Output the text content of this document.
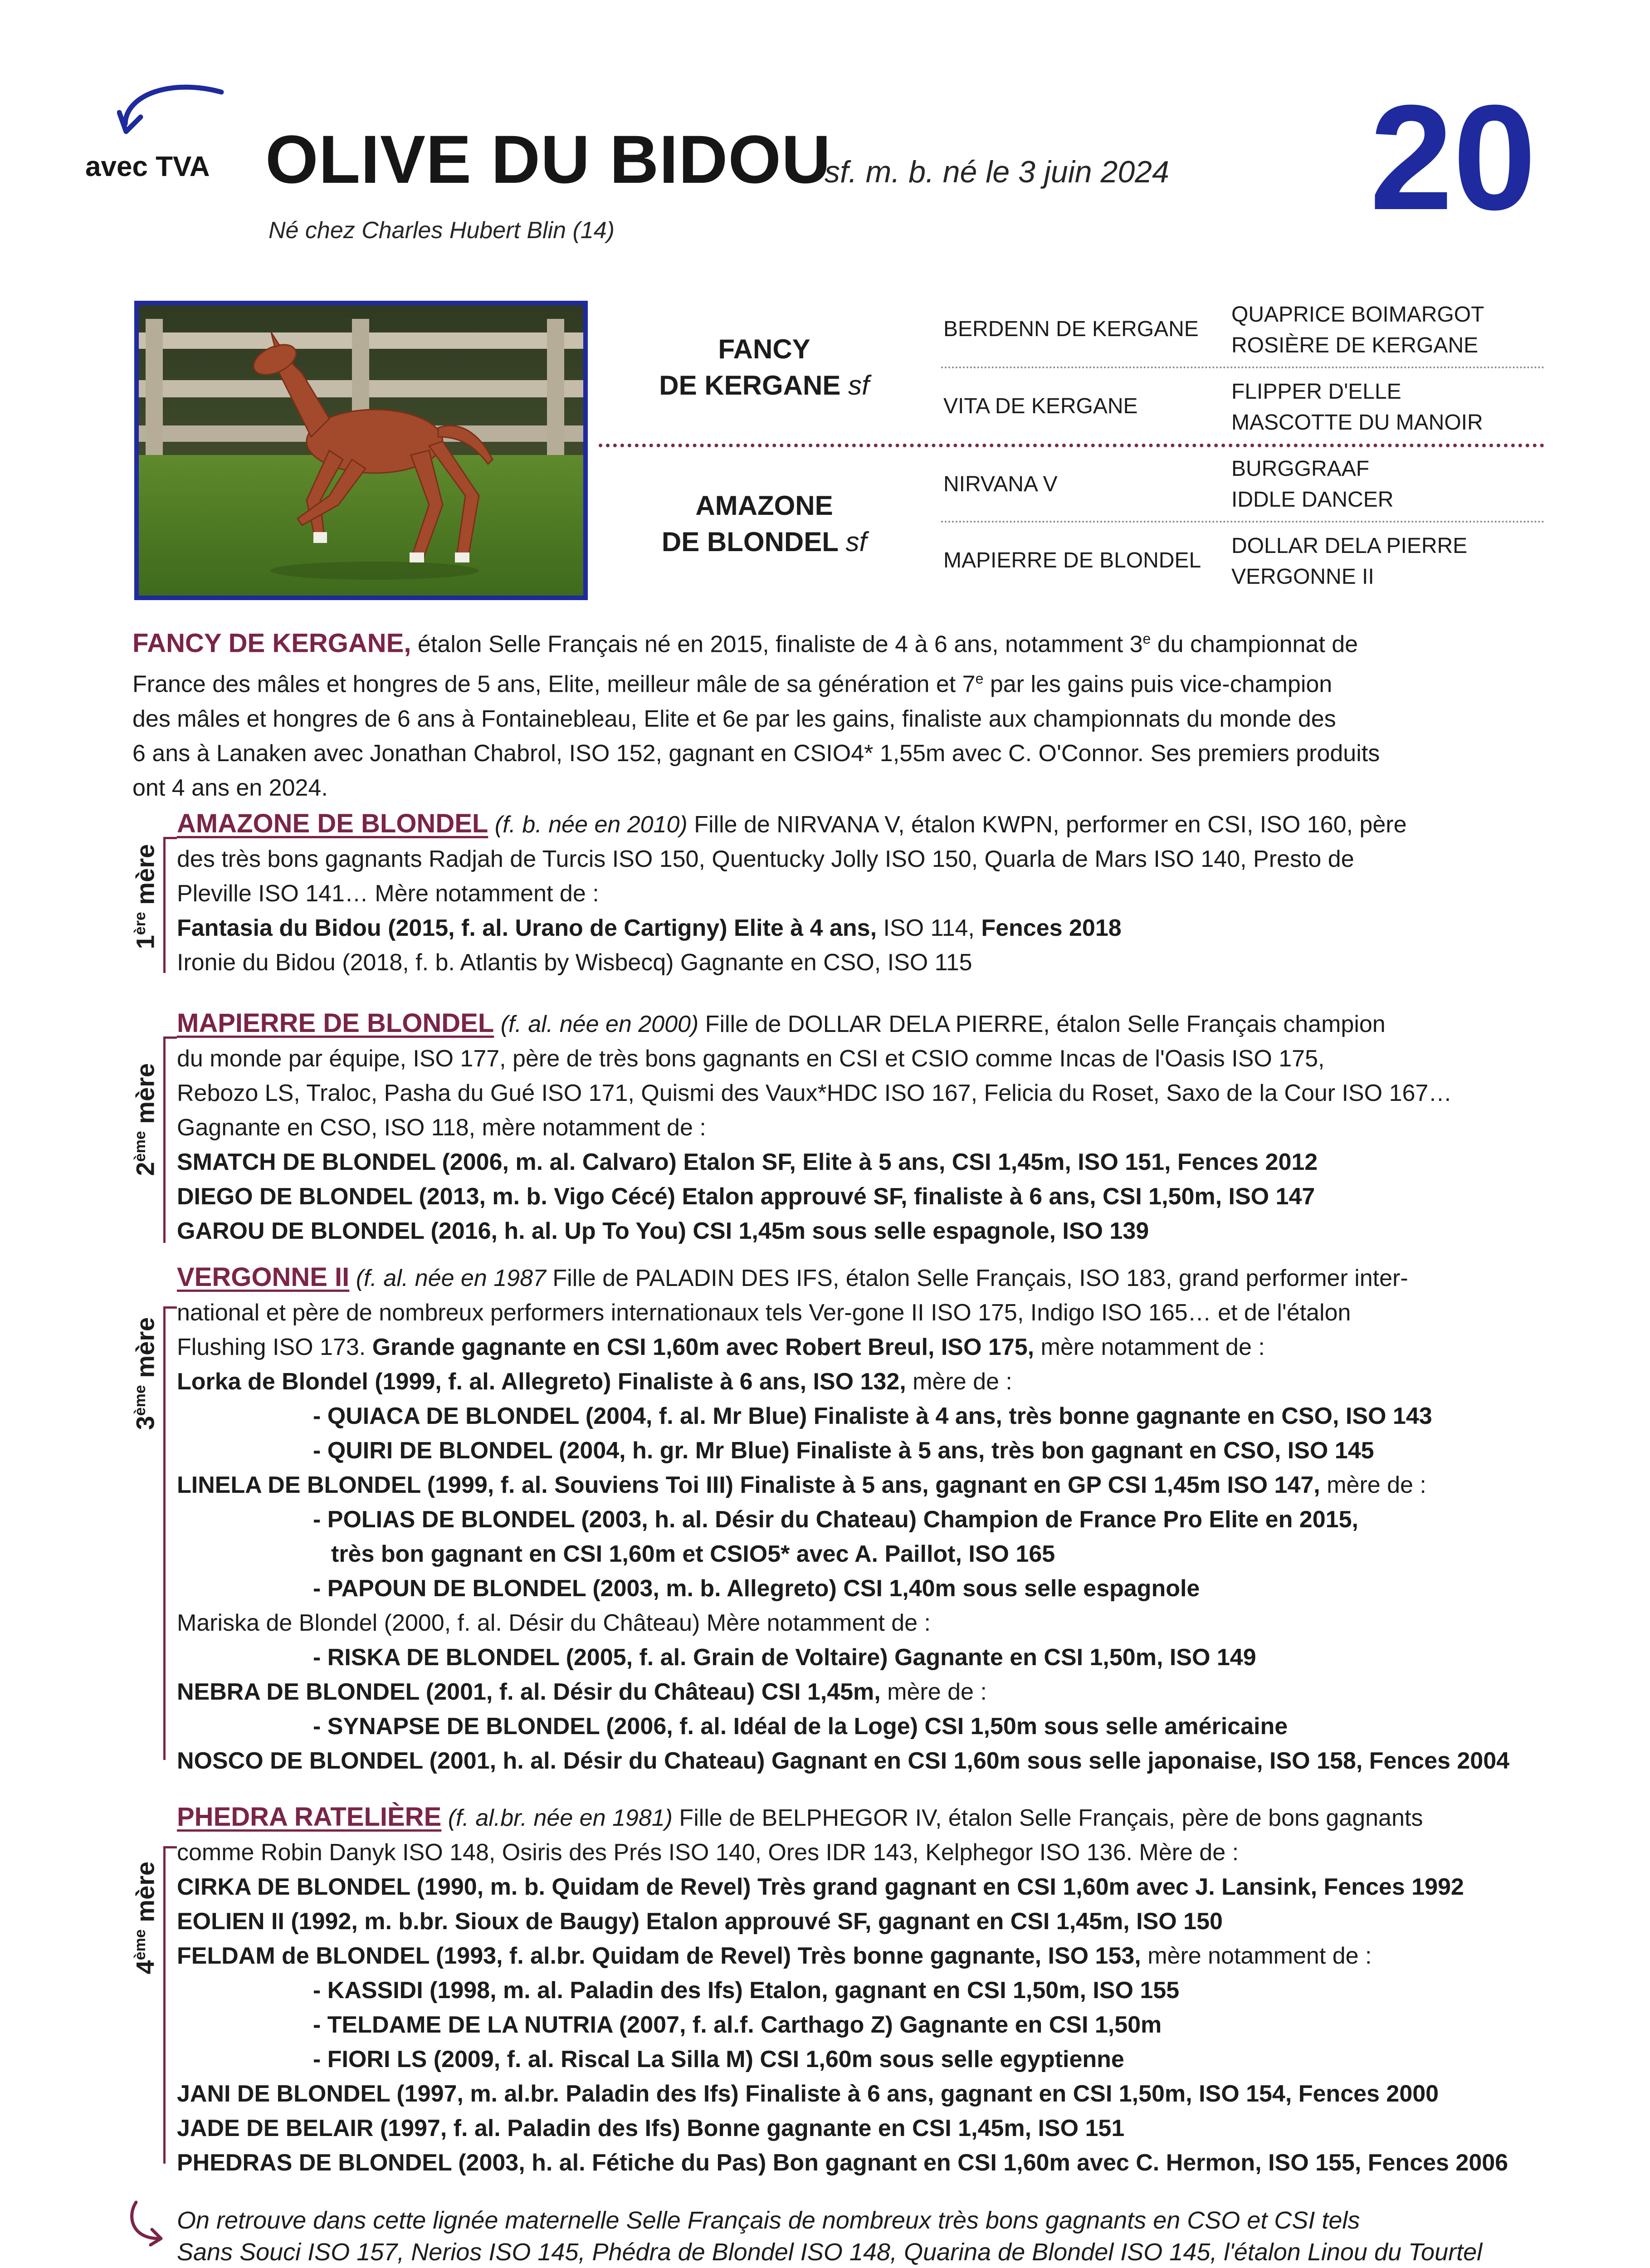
avec TVA OLIVE DU BIDOU
sf. m. b. né le 3 juin 2024
Né chez Charles Hubert Blin (14)	20
FANCY
DE KERGANE sf
AMAZONE
DE BLONDEL sf
BERDENN DE KERGANE
VITA DE KERGANE
NIRVANA V
MAPIERRE DE BLONDEL
QUAPRICE BOIMARGOT
ROSIÈRE DE KERGANE
FLIPPER D'ELLE
MASCOTTE DU MANOIR
BURGGRAAF
IDDLE DANCER
DOLLAR DELA PIERRE
VERGONNE II

FANCY DE KERGANE, étalon Selle Français né en 2015, finaliste de 4 à 6 ans, notamment 3e du championnat de

France des mâles et hongres de 5 ans, Elite, meilleur mâle de sa génération et 7e par les gains puis vice-champion

des mâles et hongres de 6 ans à Fontainebleau, Elite et 6e par les gains, finaliste aux championnats du monde des

6 ans à Lanaken avec Jonathan Chabrol, ISO 152, gagnant en CSIO4* 1,55m avec C. O'Connor. Ses premiers produits

ont 4 ans en 2024.

1ère mère

AMAZONE DE BLONDEL (f. b. née en 2010) Fille de NIRVANA V, étalon KWPN, performer en CSI, ISO 160, père

des très bons gagnants Radjah de Turcis ISO 150, Quentucky Jolly ISO 150, Quarla de Mars ISO 140, Presto de

Pleville ISO 141… Mère notamment de :

Fantasia du Bidou (2015, f. al. Urano de Cartigny) Elite à 4 ans, ISO 114, Fences 2018

Ironie du Bidou (2018, f. b. Atlantis by Wisbecq) Gagnante en CSO, ISO 115

2ème mère

MAPIERRE DE BLONDEL (f. al. née en 2000) Fille de DOLLAR DELA PIERRE, étalon Selle Français champion

du monde par équipe, ISO 177, père de très bons gagnants en CSI et CSIO comme Incas de l'Oasis ISO 175,

Rebozo LS, Traloc, Pasha du Gué ISO 171, Quismi des Vaux*HDC ISO 167, Felicia du Roset, Saxo de la Cour ISO 167…

Gagnante en CSO, ISO 118, mère notamment de :

SMATCH DE BLONDEL (2006, m. al. Calvaro) Etalon SF, Elite à 5 ans, CSI 1,45m, ISO 151, Fences 2012

DIEGO DE BLONDEL (2013, m. b. Vigo Cécé) Etalon approuvé SF, finaliste à 6 ans, CSI 1,50m, ISO 147

GAROU DE BLONDEL (2016, h. al. Up To You) CSI 1,45m sous selle espagnole, ISO 139

3ème mère

VERGONNE II (f. al. née en 1987 Fille de PALADIN DES IFS, étalon Selle Français, ISO 183, grand performer inter-

national et père de nombreux performers internationaux tels Ver-gone II ISO 175, Indigo ISO 165… et de l'étalon

Flushing ISO 173. Grande gagnante en CSI 1,60m avec Robert Breul, ISO 175, mère notamment de :

Lorka de Blondel (1999, f. al. Allegreto) Finaliste à 6 ans, ISO 132, mère de :

- QUIACA DE BLONDEL (2004, f. al. Mr Blue) Finaliste à 4 ans, très bonne gagnante en CSO, ISO 143

- QUIRI DE BLONDEL (2004, h. gr. Mr Blue) Finaliste à 5 ans, très bon gagnant en CSO, ISO 145

LINELA DE BLONDEL (1999, f. al. Souviens Toi III) Finaliste à 5 ans, gagnant en GP CSI 1,45m ISO 147, mère de :

- POLIAS DE BLONDEL (2003, h. al. Désir du Chateau) Champion de France Pro Elite en 2015,

très bon gagnant en CSI 1,60m et CSIO5* avec A. Paillot, ISO 165

- PAPOUN DE BLONDEL (2003, m. b. Allegreto) CSI 1,40m sous selle espagnole

Mariska de Blondel (2000, f. al. Désir du Château) Mère notamment de :

- RISKA DE BLONDEL (2005, f. al. Grain de Voltaire) Gagnante en CSI 1,50m, ISO 149

NEBRA DE BLONDEL (2001, f. al. Désir du Château) CSI 1,45m, mère de :

- SYNAPSE DE BLONDEL (2006, f. al. Idéal de la Loge) CSI 1,50m sous selle américaine

NOSCO DE BLONDEL (2001, h. al. Désir du Chateau) Gagnant en CSI 1,60m sous selle japonaise, ISO 158, Fences 2004

4ème mère

PHEDRA RATELIÈRE (f. al.br. née en 1981) Fille de BELPHEGOR IV, étalon Selle Français, père de bons gagnants

comme Robin Danyk ISO 148, Osiris des Prés ISO 140, Ores IDR 143, Kelphegor ISO 136. Mère de :

CIRKA DE BLONDEL (1990, m. b. Quidam de Revel) Très grand gagnant en CSI 1,60m avec J. Lansink, Fences 1992

EOLIEN II (1992, m. b.br. Sioux de Baugy) Etalon approuvé SF, gagnant en CSI 1,45m, ISO 150

FELDAM de BLONDEL (1993, f. al.br. Quidam de Revel) Très bonne gagnante, ISO 153, mère notamment de :

- KASSIDI (1998, m. al. Paladin des Ifs) Etalon, gagnant en CSI 1,50m, ISO 155

- TELDAME DE LA NUTRIA (2007, f. al.f. Carthago Z) Gagnante en CSI 1,50m

- FIORI LS (2009, f. al. Riscal La Silla M) CSI 1,60m sous selle egyptienne

JANI DE BLONDEL (1997, m. al.br. Paladin des Ifs) Finaliste à 6 ans, gagnant en CSI 1,50m, ISO 154, Fences 2000

JADE DE BELAIR (1997, f. al. Paladin des Ifs) Bonne gagnante en CSI 1,45m, ISO 151

PHEDRAS DE BLONDEL (2003, h. al. Fétiche du Pas) Bon gagnant en CSI 1,60m avec C. Hermon, ISO 155, Fences 2006

On retrouve dans cette lignée maternelle Selle Français de nombreux très bons gagnants en CSO et CSI tels

Sans Souci ISO 157, Nerios ISO 145, Phédra de Blondel ISO 148, Quarina de Blondel ISO 145, l'étalon Linou du Tourtel
